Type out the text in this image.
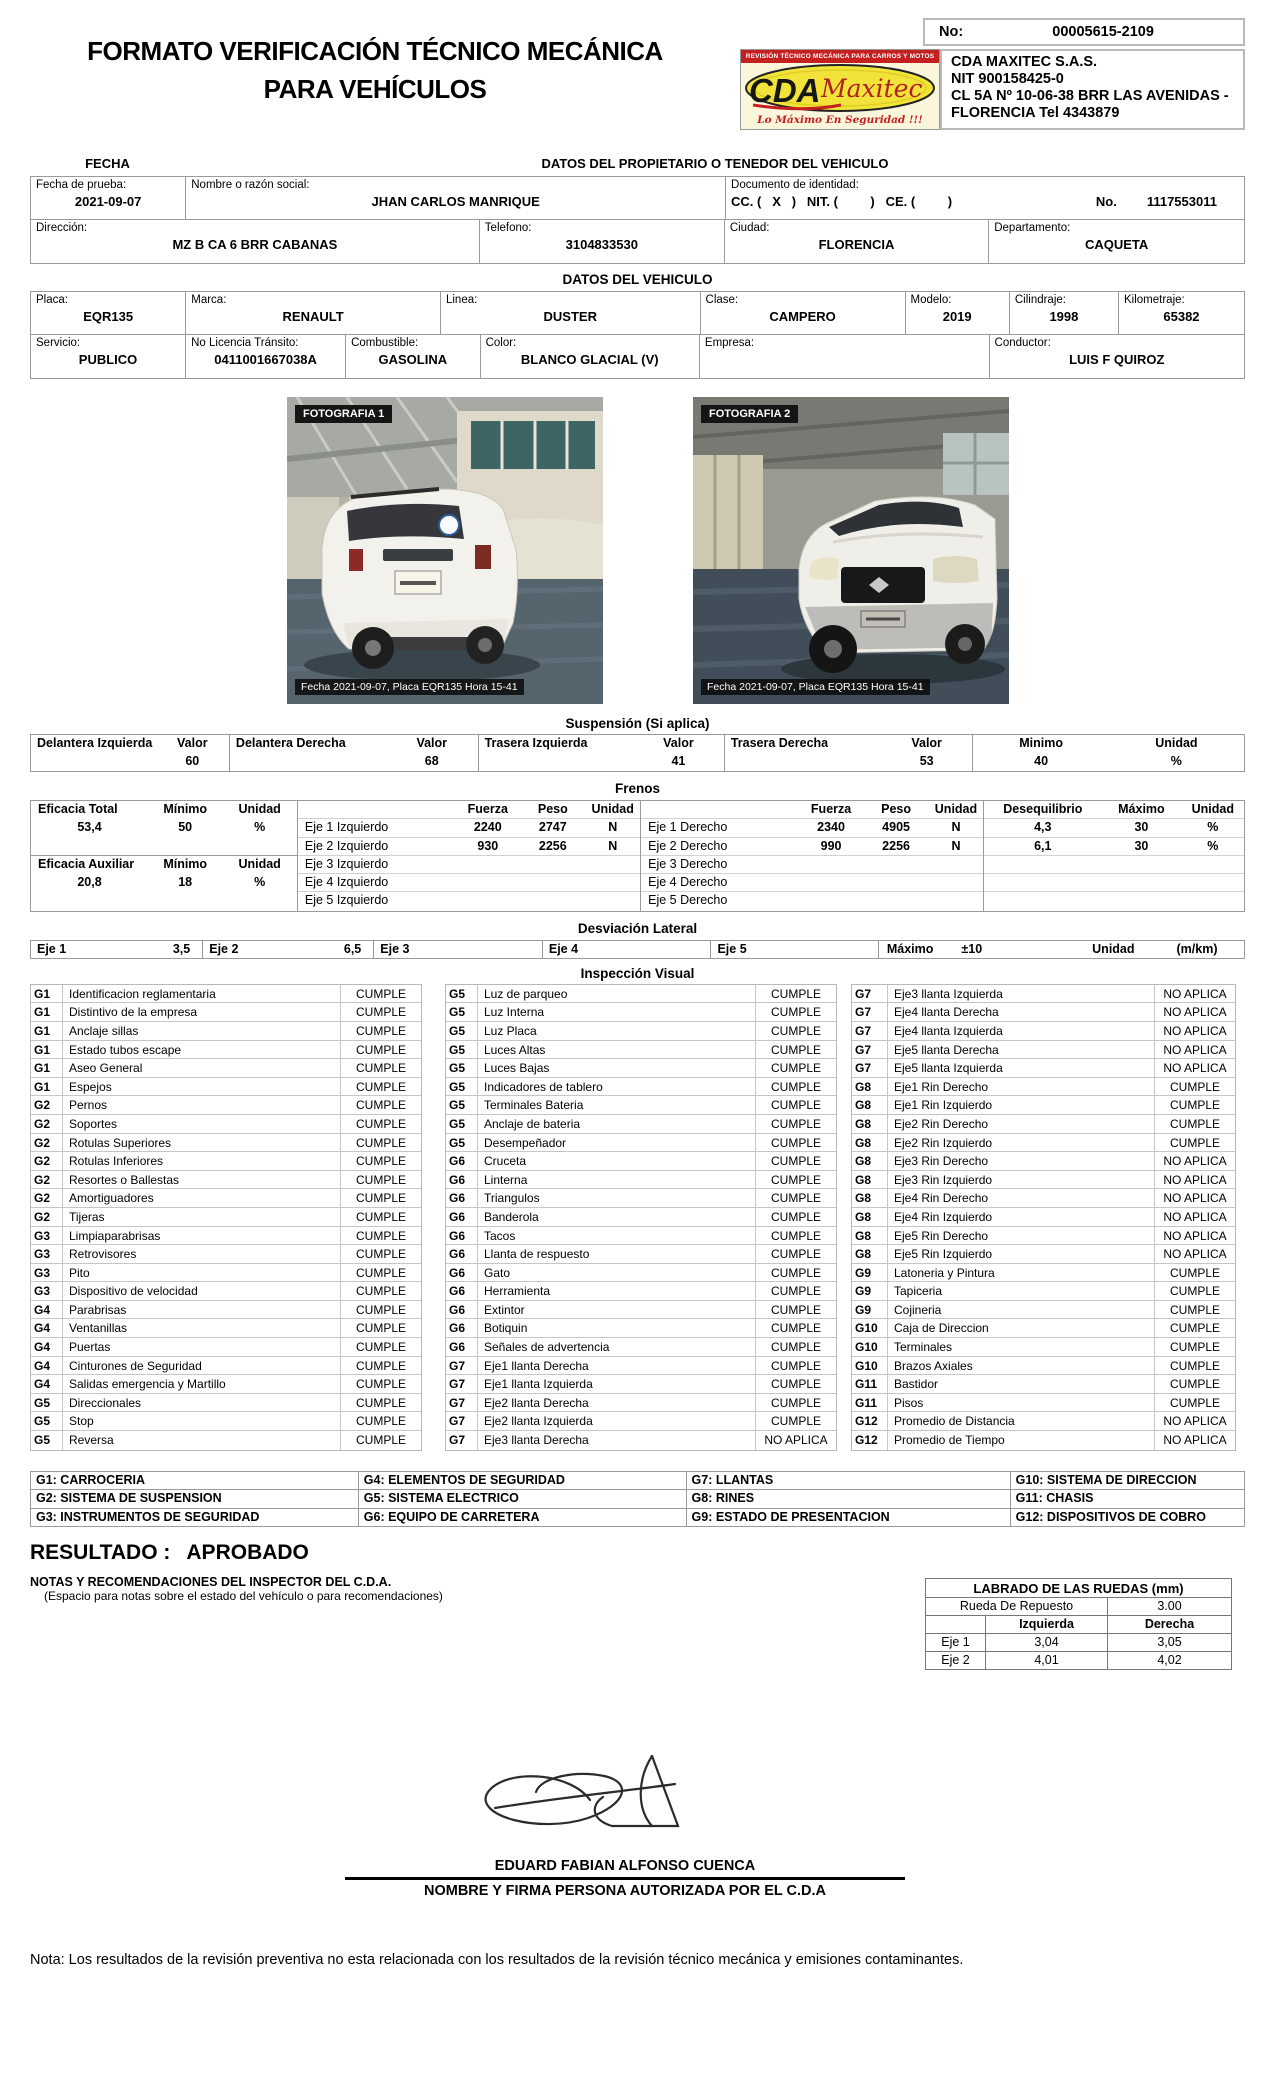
FORMATO VERIFICACIÓN TÉCNICO MECÁNICA
PARA VEHÍCULOS
No:	00005615-2109
REVISIÓN TÉCNICO MECÁNICA PARA CARROS Y MOTOS
CDA Maxitec
Lo Máximo En Seguridad !!!
CDA MAXITEC S.A.S.
NIT 900158425-0
CL 5A Nº 10-06-38 BRR LAS AVENIDAS - FLORENCIA Tel 4343879
FECHA	DATOS DEL PROPIETARIO O TENEDOR DEL VEHICULO
Fecha de prueba:
2021-09-07
Nombre o razón social:
JHAN CARLOS MANRIQUE
Documento de identidad:
CC. (   X   )   NIT. (         )   CE. (         )	No. 1117553011
Dirección:
MZ B CA 6 BRR CABANAS
Telefono:
3104833530
Ciudad:
FLORENCIA
Departamento:
CAQUETA
DATOS DEL VEHICULO
Placa:
EQR135
Marca:
RENAULT
Linea:
DUSTER
Clase:
CAMPERO
Modelo:
2019
Cilindraje:
1998
Kilometraje:
65382
Servicio:
PUBLICO
No Licencia Tránsito:
0411001667038A
Combustible:
GASOLINA
Color:
BLANCO GLACIAL (V)
Empresa:	Conductor:
LUIS F QUIROZ
FOTOGRAFIA 1
Fecha 2021-09-07, Placa EQR135 Hora 15-41
FOTOGRAFIA 2
Fecha 2021-09-07, Placa EQR135 Hora 15-41
Suspensión (Si aplica)
Delantera Izquierda	Valor
60
Delantera Derecha	Valor
68
Trasera Izquierda	Valor
41
Trasera Derecha	Valor
53
Minimo	Unidad
40	%
Frenos
Eficacia Total	Mínimo	Unidad
53,4	50	%
Eficacia Auxiliar	Mínimo	Unidad
20,8	18	%
Fuerza	Peso	Unidad
Eje 1 Izquierdo	2240	2747	N
Eje 2 Izquierdo	930	2256	N
Eje 3 Izquierdo
Eje 4 Izquierdo
Eje 5 Izquierdo
Fuerza	Peso	Unidad
Eje 1 Derecho	2340	4905	N
Eje 2 Derecho	990	2256	N
Eje 3 Derecho
Eje 4 Derecho
Eje 5 Derecho
Desequilibrio	Máximo	Unidad
4,3	30	%
6,1	30	%
Desviación Lateral
Eje 1	3,5	Eje 2	6,5	Eje 3	Eje 4	Eje 5	Máximo ±10	Unidad	(m/km)
Inspección Visual
G1	Identificacion reglamentaria	CUMPLE
G1	Distintivo de la empresa	CUMPLE
G1	Anclaje sillas	CUMPLE
G1	Estado tubos escape	CUMPLE
G1	Aseo General	CUMPLE
G1	Espejos	CUMPLE
G2	Pernos	CUMPLE
G2	Soportes	CUMPLE
G2	Rotulas Superiores	CUMPLE
G2	Rotulas Inferiores	CUMPLE
G2	Resortes o Ballestas	CUMPLE
G2	Amortiguadores	CUMPLE
G2	Tijeras	CUMPLE
G3	Limpiaparabrisas	CUMPLE
G3	Retrovisores	CUMPLE
G3	Pito	CUMPLE
G3	Dispositivo de velocidad	CUMPLE
G4	Parabrisas	CUMPLE
G4	Ventanillas	CUMPLE
G4	Puertas	CUMPLE
G4	Cinturones de Seguridad	CUMPLE
G4	Salidas emergencia y Martillo	CUMPLE
G5	Direccionales	CUMPLE
G5	Stop	CUMPLE
G5	Reversa	CUMPLE
G5	Luz de parqueo	CUMPLE
G5	Luz Interna	CUMPLE
G5	Luz Placa	CUMPLE
G5	Luces Altas	CUMPLE
G5	Luces Bajas	CUMPLE
G5	Indicadores de tablero	CUMPLE
G5	Terminales Bateria	CUMPLE
G5	Anclaje de bateria	CUMPLE
G5	Desempeñador	CUMPLE
G6	Cruceta	CUMPLE
G6	Linterna	CUMPLE
G6	Triangulos	CUMPLE
G6	Banderola	CUMPLE
G6	Tacos	CUMPLE
G6	Llanta de respuesto	CUMPLE
G6	Gato	CUMPLE
G6	Herramienta	CUMPLE
G6	Extintor	CUMPLE
G6	Botiquin	CUMPLE
G6	Señales de advertencia	CUMPLE
G7	Eje1 llanta Derecha	CUMPLE
G7	Eje1 llanta Izquierda	CUMPLE
G7	Eje2 llanta Derecha	CUMPLE
G7	Eje2 llanta Izquierda	CUMPLE
G7	Eje3 llanta Derecha	NO APLICA
G7	Eje3 llanta Izquierda	NO APLICA
G7	Eje4 llanta Derecha	NO APLICA
G7	Eje4 llanta Izquierda	NO APLICA
G7	Eje5 llanta Derecha	NO APLICA
G7	Eje5 llanta Izquierda	NO APLICA
G8	Eje1 Rin Derecho	CUMPLE
G8	Eje1 Rin Izquierdo	CUMPLE
G8	Eje2 Rin Derecho	CUMPLE
G8	Eje2 Rin Izquierdo	CUMPLE
G8	Eje3 Rin Derecho	NO APLICA
G8	Eje3 Rin Izquierdo	NO APLICA
G8	Eje4 Rin Derecho	NO APLICA
G8	Eje4 Rin Izquierdo	NO APLICA
G8	Eje5 Rin Derecho	NO APLICA
G8	Eje5 Rin Izquierdo	NO APLICA
G9	Latoneria y Pintura	CUMPLE
G9	Tapiceria	CUMPLE
G9	Cojineria	CUMPLE
G10	Caja de Direccion	CUMPLE
G10	Terminales	CUMPLE
G10	Brazos Axiales	CUMPLE
G11	Bastidor	CUMPLE
G11	Pisos	CUMPLE
G12	Promedio de Distancia	NO APLICA
G12	Promedio de Tiempo	NO APLICA
G1: CARROCERIA	G4: ELEMENTOS DE SEGURIDAD	G7: LLANTAS	G10: SISTEMA DE DIRECCION
G2: SISTEMA DE SUSPENSION	G5: SISTEMA ELECTRICO	G8: RINES	G11: CHASIS
G3: INSTRUMENTOS DE SEGURIDAD	G6: EQUIPO DE CARRETERA	G9: ESTADO DE PRESENTACION	G12: DISPOSITIVOS DE COBRO
RESULTADO : APROBADO
NOTAS Y RECOMENDACIONES DEL INSPECTOR DEL C.D.A.
(Espacio para notas sobre el estado del vehículo o para recomendaciones)
LABRADO DE LAS RUEDAS (mm)
Rueda De Repuesto	3.00
Izquierda	Derecha
Eje 1	3,04	3,05
Eje 2	4,01	4,02
EDUARD FABIAN ALFONSO CUENCA
NOMBRE Y FIRMA PERSONA AUTORIZADA POR EL C.D.A
Nota: Los resultados de la revisión preventiva no esta relacionada con los resultados de la revisión técnico mecánica y emisiones contaminantes.
